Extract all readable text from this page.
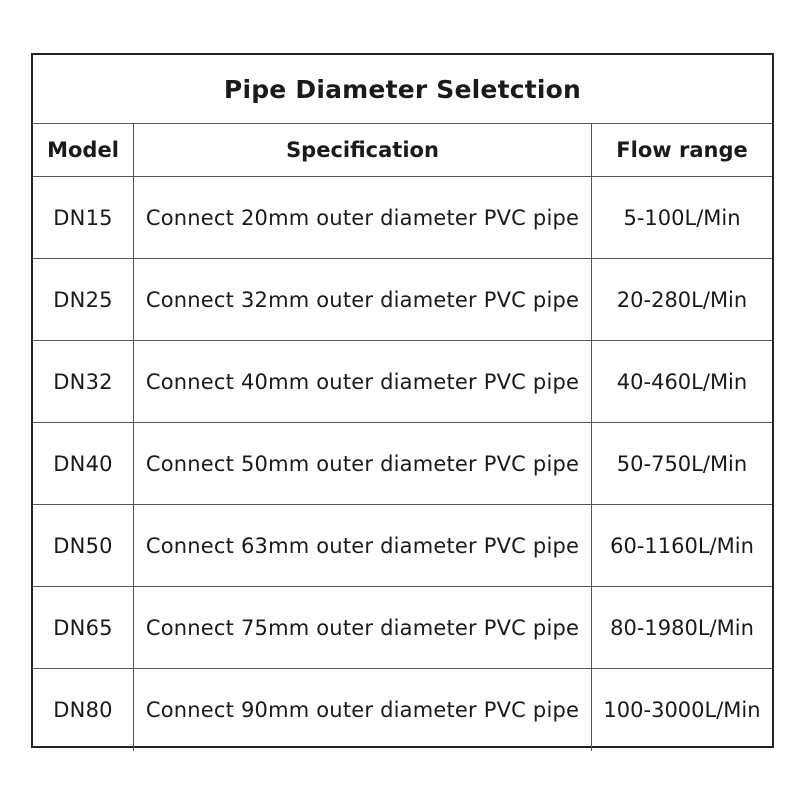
Pipe Diameter Seletction
Model	Specification	Flow range
DN15	Connect 20mm outer diameter PVC pipe	5-100L/Min
DN25	Connect 32mm outer diameter PVC pipe	20-280L/Min
DN32	Connect 40mm outer diameter PVC pipe	40-460L/Min
DN40	Connect 50mm outer diameter PVC pipe	50-750L/Min
DN50	Connect 63mm outer diameter PVC pipe	60-1160L/Min
DN65	Connect 75mm outer diameter PVC pipe	80-1980L/Min
DN80	Connect 90mm outer diameter PVC pipe	100-3000L/Min
